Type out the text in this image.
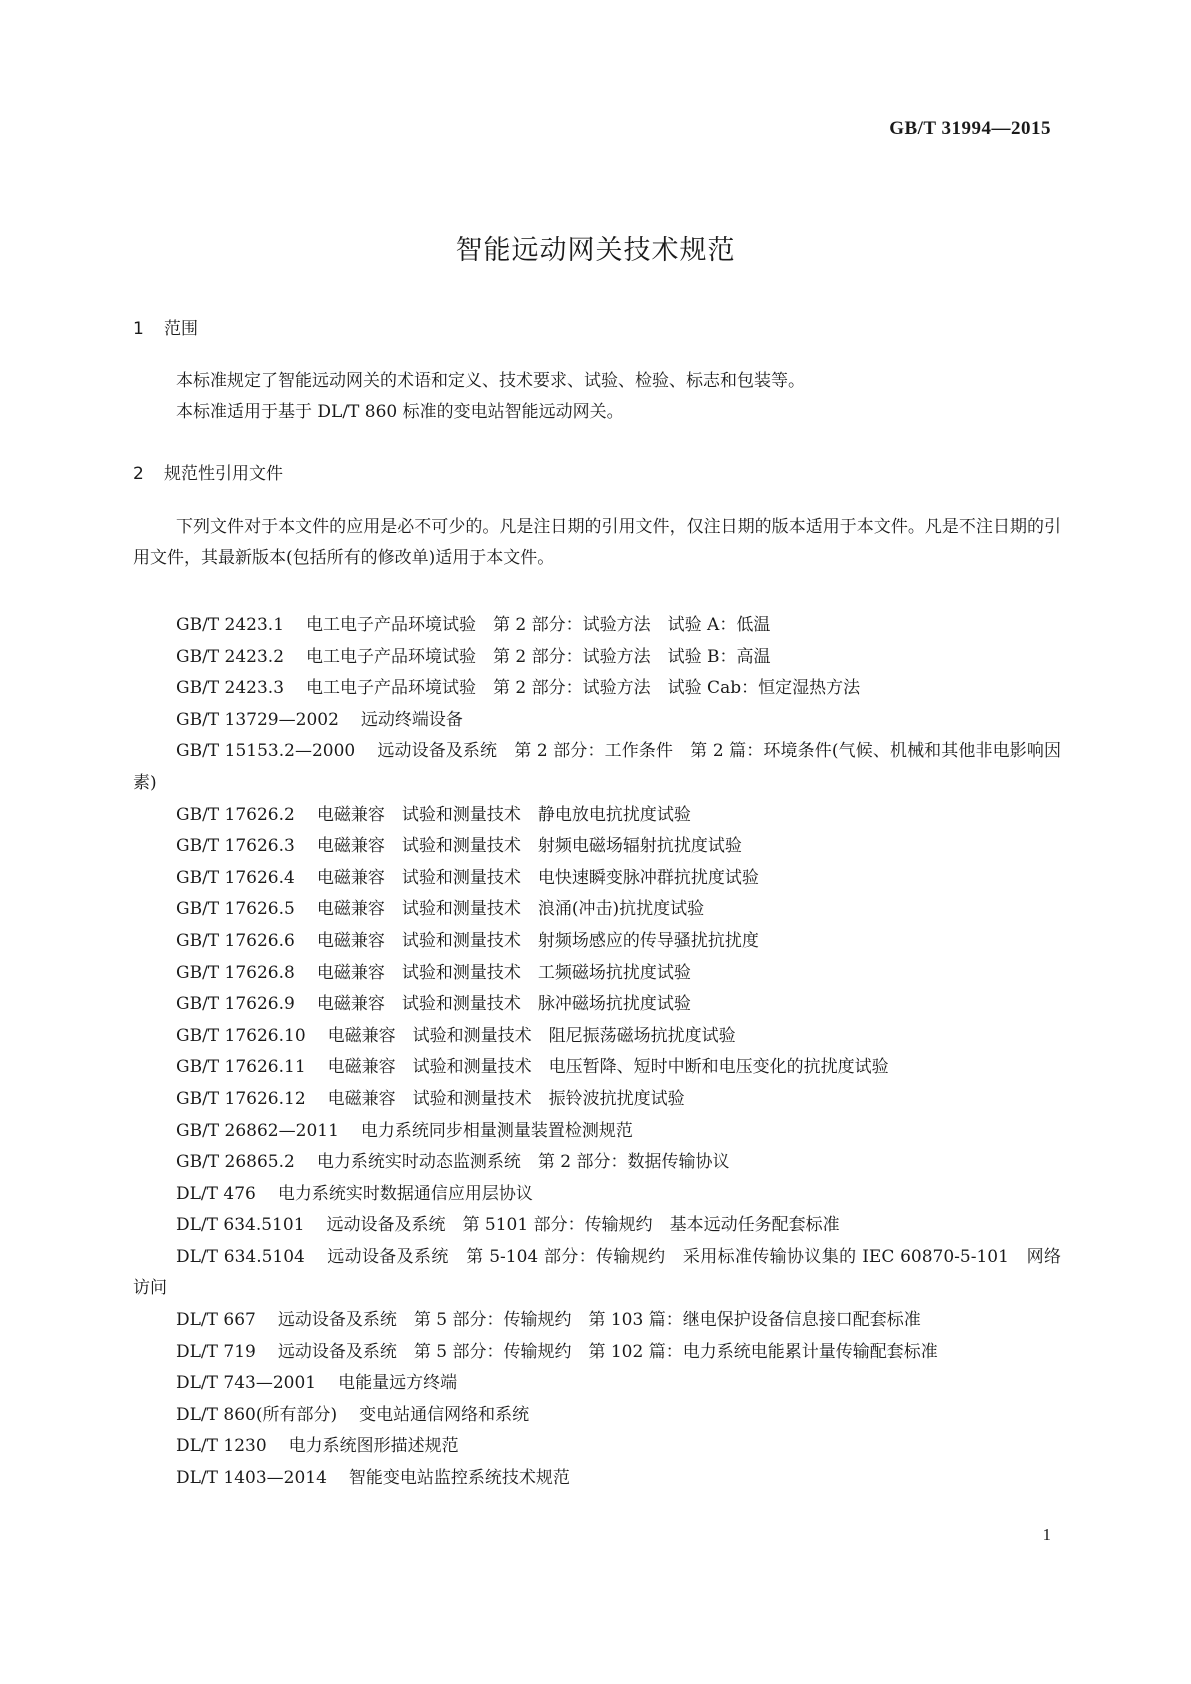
GB/T 31994—2015
智能远动网关技术规范
1 范围

本标准规定了智能远动网关的术语和定义、技术要求、试验、检验、标志和包装等。

本标准适用于基于 DL/T 860 标准的变电站智能远动网关。

2 规范性引用文件

下列文件对于本文件的应用是必不可少的。凡是注日期的引用文件，仅注日期的版本适用于本文件。凡是不注日期的引用文件，其最新版本(包括所有的修改单)适用于本文件。

GB/T 2423.1 电工电子产品环境试验　第 2 部分：试验方法　试验 A：低温
GB/T 2423.2 电工电子产品环境试验　第 2 部分：试验方法　试验 B：高温
GB/T 2423.3 电工电子产品环境试验　第 2 部分：试验方法　试验 Cab：恒定湿热方法
GB/T 13729—2002 远动终端设备
GB/T 15153.2—2000 远动设备及系统　第 2 部分：工作条件　第 2 篇：环境条件(气候、机械和其他非电影响因素)
GB/T 17626.2 电磁兼容　试验和测量技术　静电放电抗扰度试验
GB/T 17626.3 电磁兼容　试验和测量技术　射频电磁场辐射抗扰度试验
GB/T 17626.4 电磁兼容　试验和测量技术　电快速瞬变脉冲群抗扰度试验
GB/T 17626.5 电磁兼容　试验和测量技术　浪涌(冲击)抗扰度试验
GB/T 17626.6 电磁兼容　试验和测量技术　射频场感应的传导骚扰抗扰度
GB/T 17626.8 电磁兼容　试验和测量技术　工频磁场抗扰度试验
GB/T 17626.9 电磁兼容　试验和测量技术　脉冲磁场抗扰度试验
GB/T 17626.10 电磁兼容　试验和测量技术　阻尼振荡磁场抗扰度试验
GB/T 17626.11 电磁兼容　试验和测量技术　电压暂降、短时中断和电压变化的抗扰度试验
GB/T 17626.12 电磁兼容　试验和测量技术　振铃波抗扰度试验
GB/T 26862—2011 电力系统同步相量测量装置检测规范
GB/T 26865.2 电力系统实时动态监测系统　第 2 部分：数据传输协议
DL/T 476 电力系统实时数据通信应用层协议
DL/T 634.5101 远动设备及系统　第 5101 部分：传输规约　基本远动任务配套标准
DL/T 634.5104 远动设备及系统　第 5-104 部分：传输规约　采用标准传输协议集的 IEC 60870-5-101　网络访问
DL/T 667 远动设备及系统　第 5 部分：传输规约　第 103 篇：继电保护设备信息接口配套标准
DL/T 719 远动设备及系统　第 5 部分：传输规约　第 102 篇：电力系统电能累计量传输配套标准
DL/T 743—2001 电能量远方终端
DL/T 860(所有部分) 变电站通信网络和系统
DL/T 1230 电力系统图形描述规范
DL/T 1403—2014 智能变电站监控系统技术规范
1
